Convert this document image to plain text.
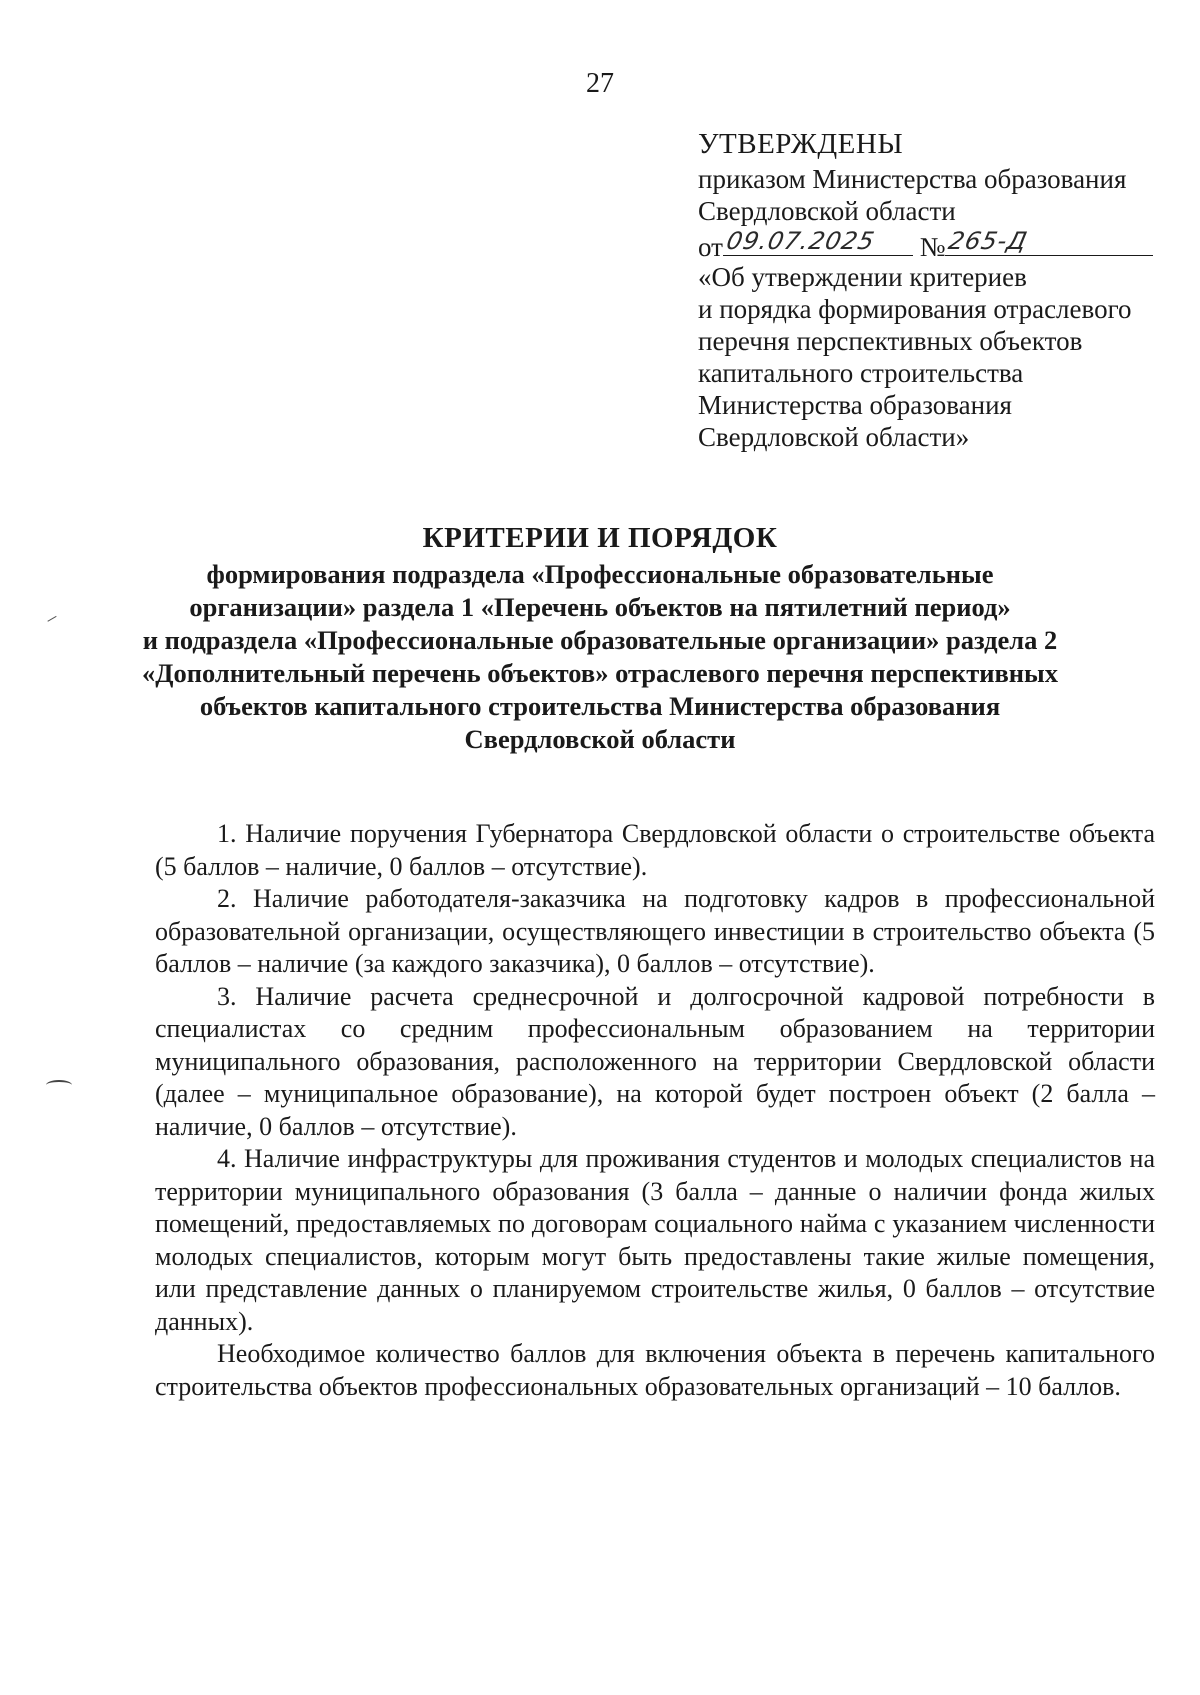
27
УТВЕРЖДЕНЫ
приказом Министерства образования
Свердловской области
от 09.07.2025 № 265-Д
«Об утверждении критериев
и порядка формирования отраслевого
перечня перспективных объектов
капитального строительства
Министерства образования
Свердловской области»
КРИТЕРИИ И ПОРЯДОК
формирования подраздела «Профессиональные образовательные
организации» раздела 1 «Перечень объектов на пятилетний период»
и подраздела «Профессиональные образовательные организации» раздела 2
«Дополнительный перечень объектов» отраслевого перечня перспективных
объектов капитального строительства Министерства образования
Свердловской области

1. Наличие поручения Губернатора Свердловской области о строительстве объекта (5 баллов – наличие, 0 баллов – отсутствие).

2. Наличие работодателя-заказчика на подготовку кадров в профессиональной образовательной организации, осуществляющего инвестиции в строительство объекта (5 баллов – наличие (за каждого заказчика), 0 баллов – отсутствие).

3. Наличие расчета среднесрочной и долгосрочной кадровой потребности в специалистах со средним профессиональным образованием на территории муниципального образования, расположенного на территории Свердловской области (далее – муниципальное образование), на которой будет построен объект (2 балла – наличие, 0 баллов – отсутствие).

4. Наличие инфраструктуры для проживания студентов и молодых специалистов на территории муниципального образования (3 балла – данные о наличии фонда жилых помещений, предоставляемых по договорам социального найма с указанием численности молодых специалистов, которым могут быть предоставлены такие жилые помещения, или представление данных о планируемом строительстве жилья, 0 баллов – отсутствие данных).

Необходимое количество баллов для включения объекта в перечень капитального строительства объектов профессиональных образовательных организаций – 10 баллов.
